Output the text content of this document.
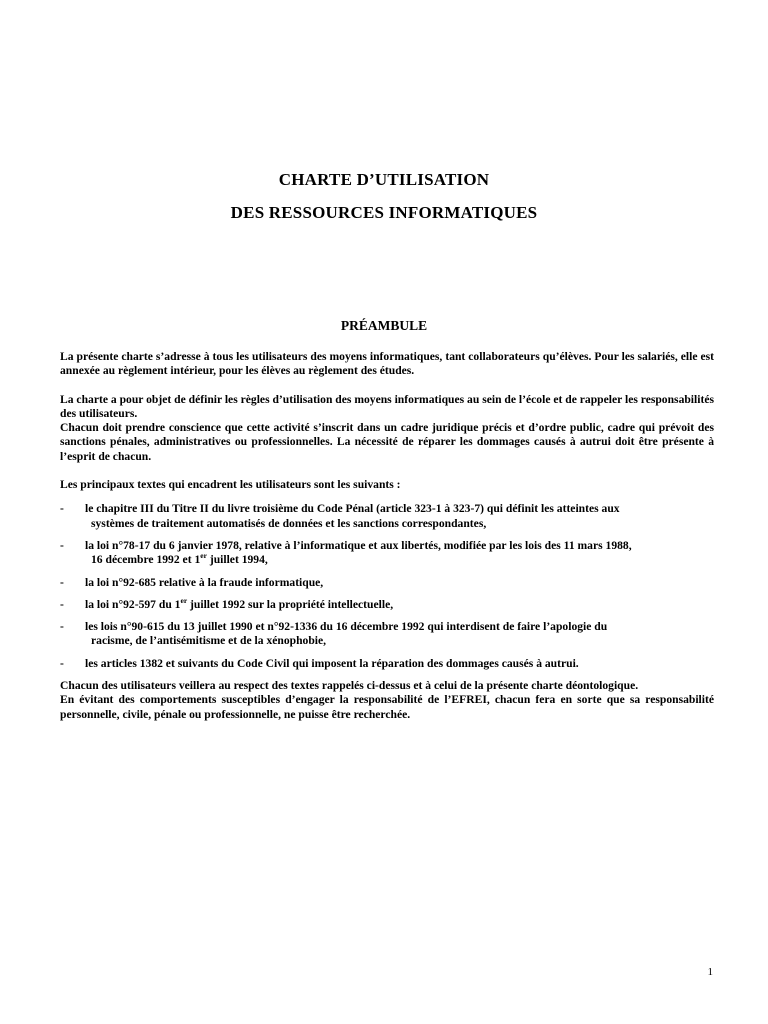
CHARTE D’UTILISATION

DES RESSOURCES INFORMATIQUES

PRÉAMBULE

La présente charte s’adresse à tous les utilisateurs des moyens informatiques, tant collaborateurs qu’élèves. Pour les salariés, elle est annexée au règlement intérieur, pour les élèves au règlement des études.

La charte a pour objet de définir les règles d’utilisation des moyens informatiques au sein de l’école et de rappeler les responsabilités des utilisateurs.

Chacun doit prendre conscience que cette activité s’inscrit dans un cadre juridique précis et d’ordre public, cadre qui prévoit des sanctions pénales, administratives ou professionnelles. La nécessité de réparer les dommages causés à autrui doit être présente à l’esprit de chacun.

Les principaux textes qui encadrent les utilisateurs sont les suivants :

- le chapitre III du Titre II du livre troisième du Code Pénal (article 323-1 à 323-7) qui définit les atteintes aux
systèmes de traitement automatisés de données et les sanctions correspondantes,
- la loi n°78-17 du 6 janvier 1978, relative à l’informatique et aux libertés, modifiée par les lois des 11 mars 1988,
16 décembre 1992 et 1er juillet 1994,
- la loi n°92-685 relative à la fraude informatique,
- la loi n°92-597 du 1er juillet 1992 sur la propriété intellectuelle,
- les lois n°90-615 du 13 juillet 1990 et n°92-1336 du 16 décembre 1992 qui interdisent de faire l’apologie du
racisme, de l’antisémitisme et de la xénophobie,
- les articles 1382 et suivants du Code Civil qui imposent la réparation des dommages causés à autrui.

Chacun des utilisateurs veillera au respect des textes rappelés ci-dessus et à celui de la présente charte déontologique.

En évitant des comportements susceptibles d’engager la responsabilité de l’EFREI, chacun fera en sorte que sa responsabilité personnelle, civile, pénale ou professionnelle, ne puisse être recherchée.

1
